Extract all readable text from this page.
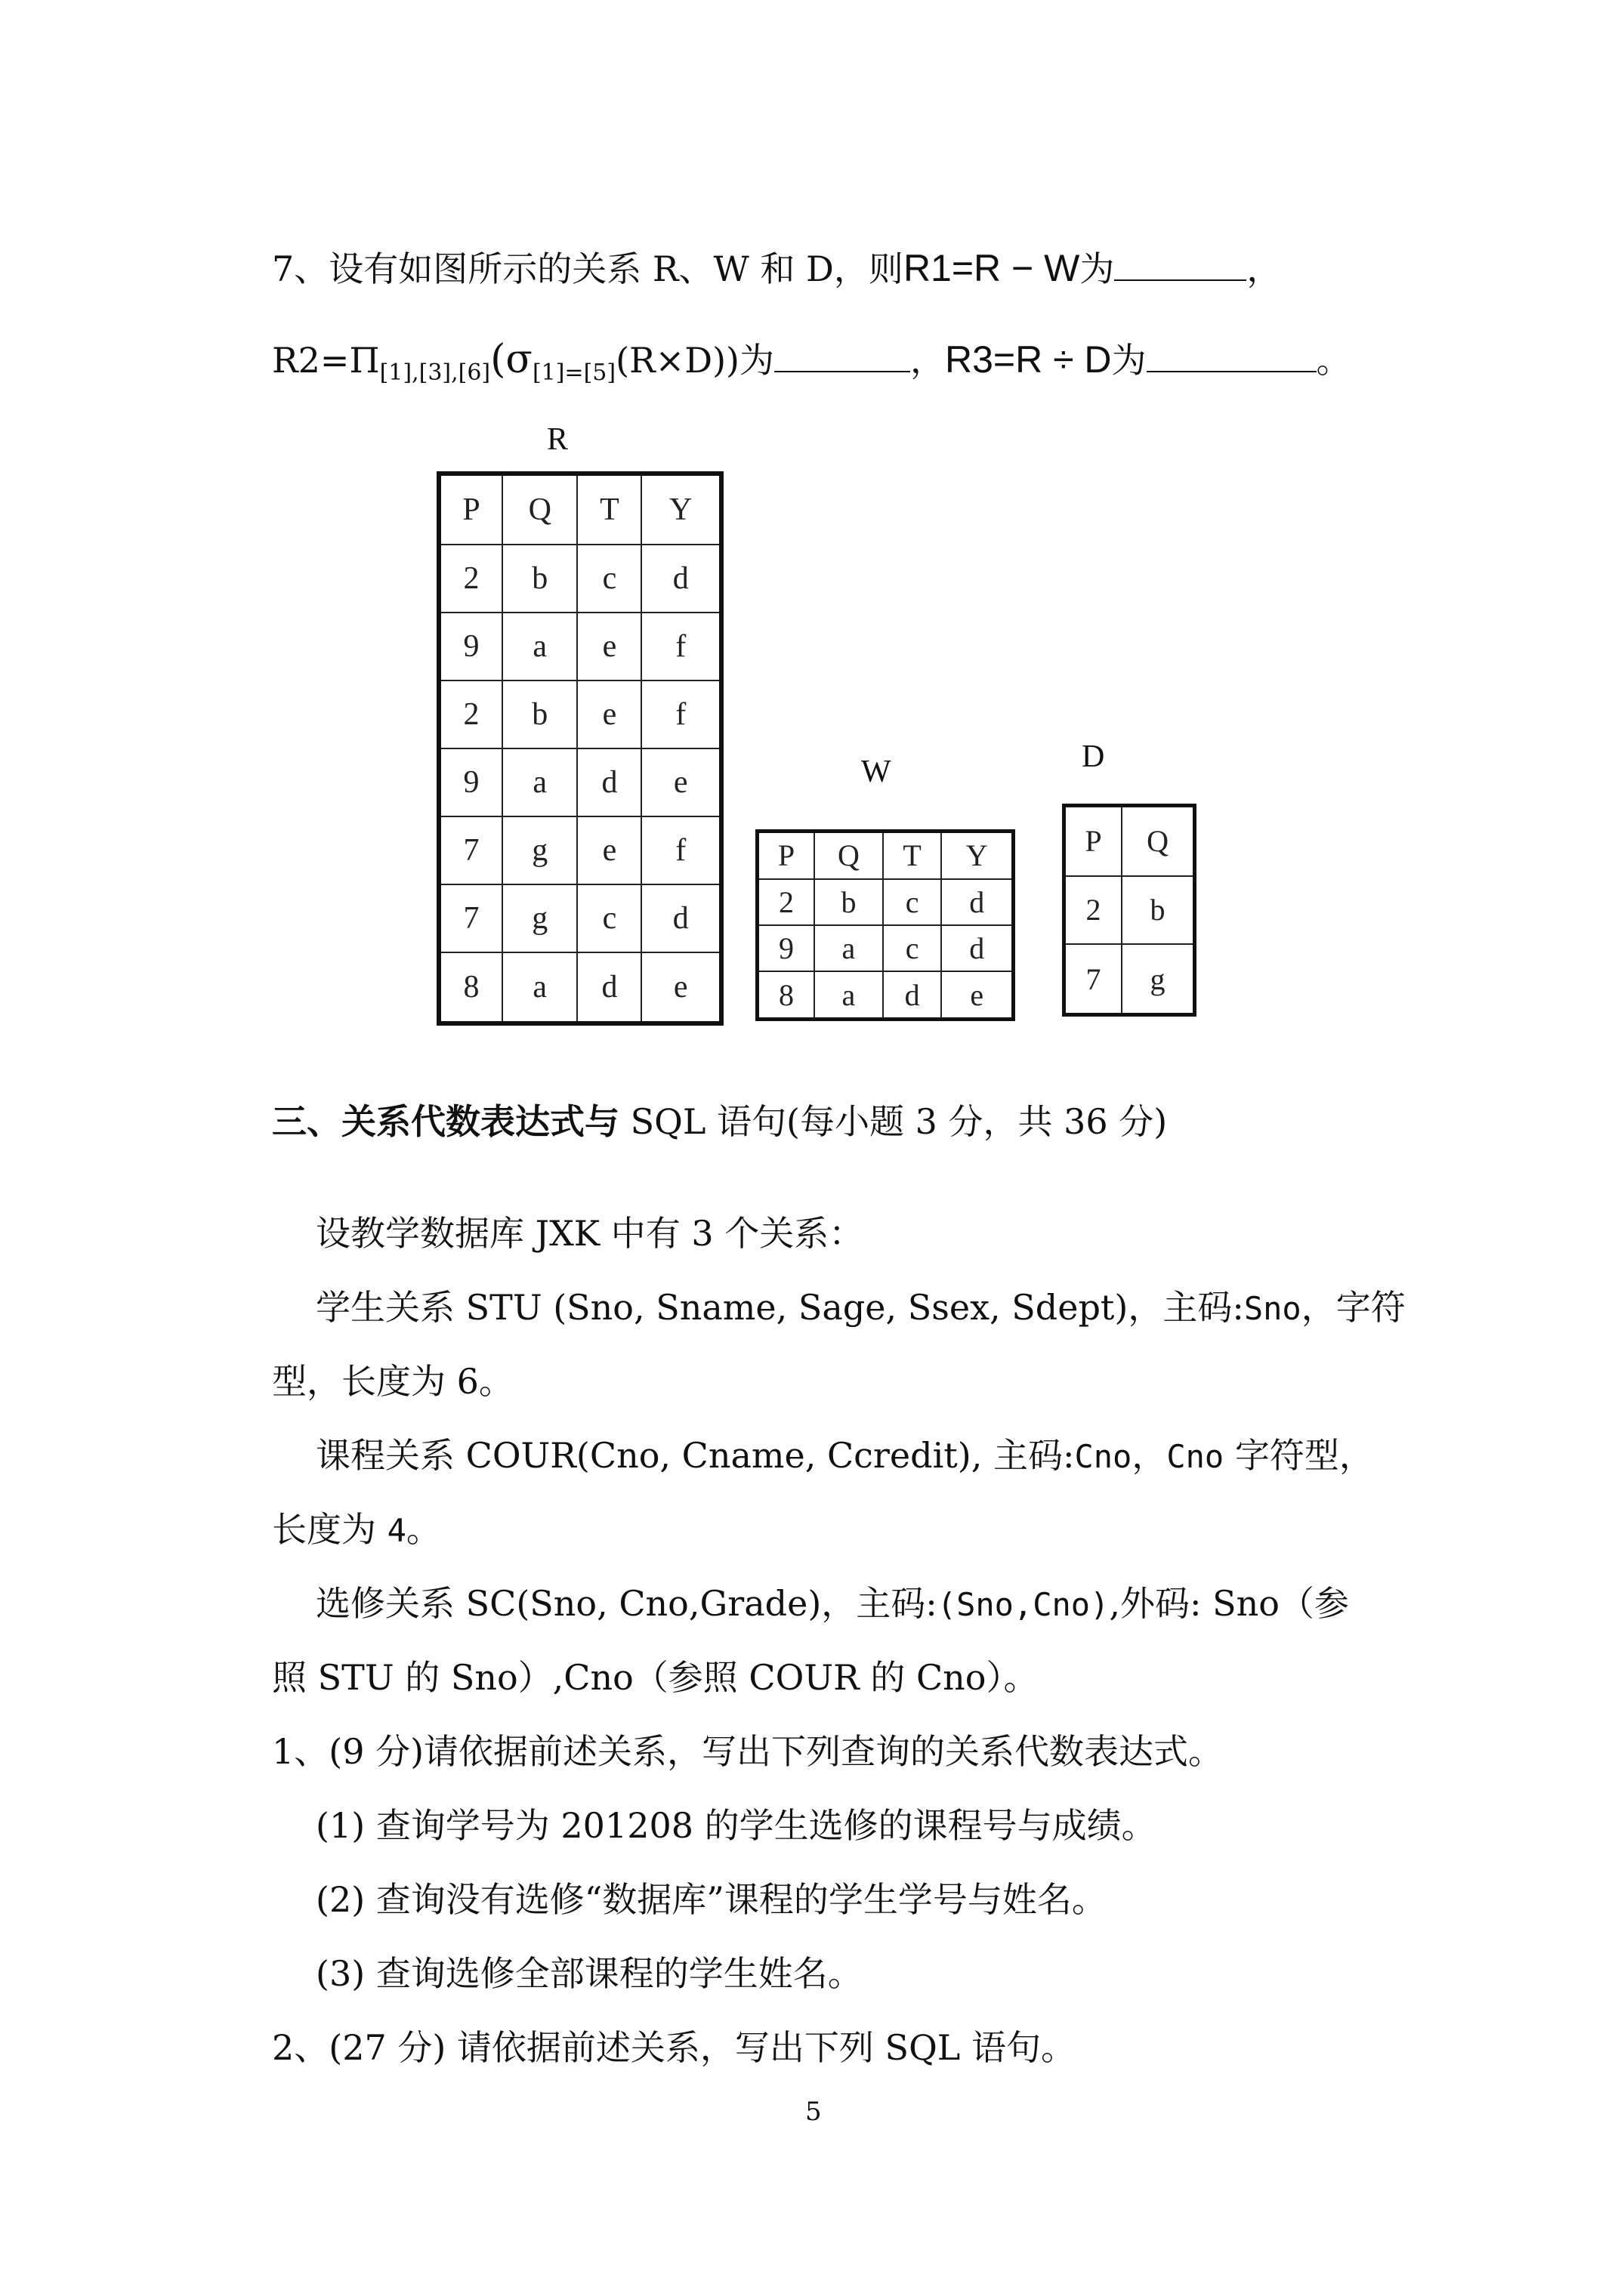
7、设有如图所示的关系 R、W 和 D，则R1=R − W为	，
$R2=\Pi_{[1],[3],[6]}(\sigma_{[1]=[5]}(R\times D))$为	，R3=R ÷ D为	。
R
W	D
P	Q	T	Y
2	b	c	d
9	a	e	f
2	b	e	f
9	a	d	e
7	g	e	f
7	g	c	d
8	a	d	e
P	Q	T	Y
2	b	c	d
9	a	c	d
8	a	d	e
P	Q
2	b
7	g
三、关系代数表达式与 SQL 语句(每小题 3 分，共 36 分)
设教学数据库 JXK 中有 3 个关系：
学生关系 STU (Sno, Sname, Sage, Ssex, Sdept)，主码:Sno，字符
型，长度为 6。
课程关系 COUR(Cno, Cname, Ccredit), 主码:Cno，Cno 字符型，
长度为 4。
选修关系 SC(Sno, Cno,Grade)，主码:(Sno,Cno),外码: Sno（参
照 STU 的 Sno）,Cno（参照 COUR 的 Cno）。
1、(9 分)请依据前述关系，写出下列查询的关系代数表达式。
(1) 查询学号为 201208 的学生选修的课程号与成绩。
(2) 查询没有选修“数据库”课程的学生学号与姓名。
(3) 查询选修全部课程的学生姓名。
2、(27 分) 请依据前述关系，写出下列 SQL 语句。
5
